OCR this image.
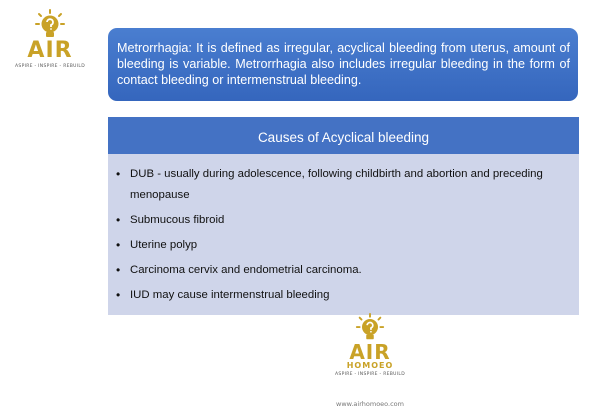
AIR
ASPIRE - INSPIRE - REBUILD
Metrorrhagia: It is defined as irregular, acyclical bleeding from uterus, amount of bleeding is variable. Metrorrhagia also includes irregular bleeding in the form of contact bleeding or intermenstrual bleeding.
Causes of Acyclical bleeding
• DUB - usually during adolescence, following childbirth and abortion and preceding menopause
• Submucous fibroid
• Uterine polyp
• Carcinoma cervix and endometrial carcinoma.
• IUD may cause intermenstrual bleeding
AIR
HOMOEO
ASPIRE - INSPIRE - REBUILD
www.airhomoeo.com
